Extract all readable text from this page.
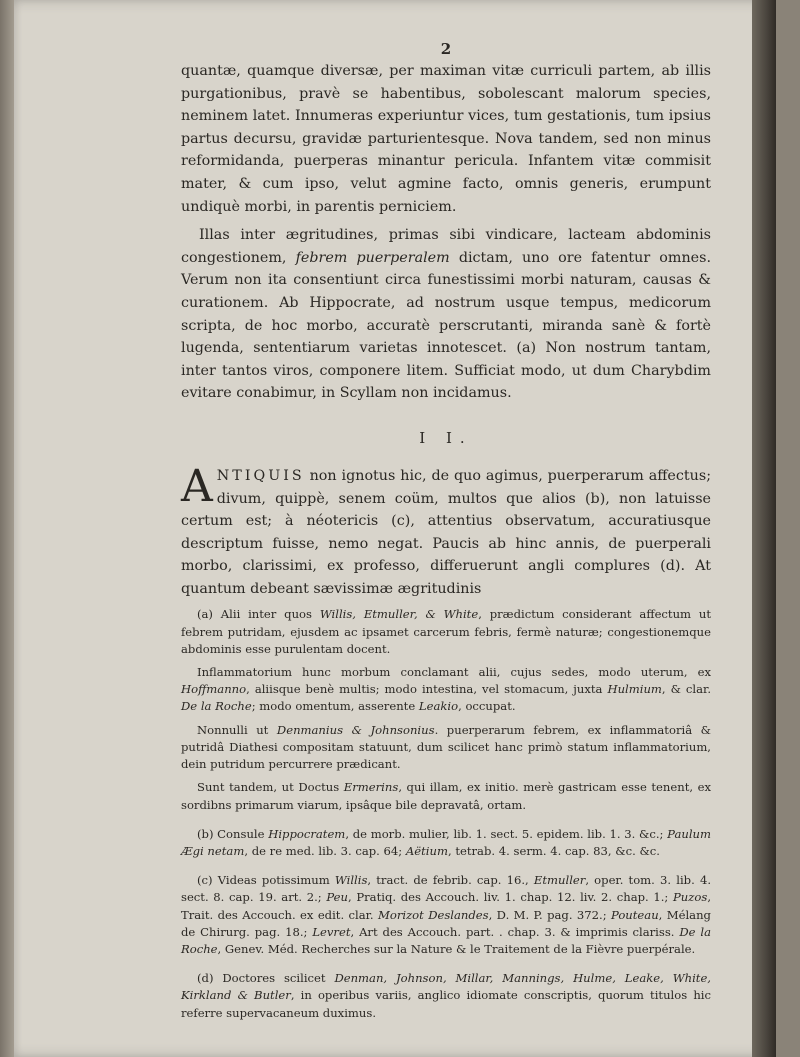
2

quantæ, quamque diversæ, per maximan vitæ curriculi partem, ab illis purgationibus, pravè se habentibus, sobolescant malorum species, neminem latet. Innumeras experiuntur vices, tum gestationis, tum ipsius partus decursu, gravidæ parturientesque. Nova tandem, sed non minus reformidanda, puerperas minantur pericula. Infantem vitæ commisit mater, & cum ipso, velut agmine facto, omnis generis, erumpunt undiquè morbi, in parentis perniciem.

Illas inter ægritudines, primas sibi vindicare, lacteam abdominis congestionem, febrem puerperalem dictam, uno ore fatentur omnes. Verum non ita consentiunt circa funestissimi morbi naturam, causas & curationem. Ab Hippocrate, ad nostrum usque tempus, medicorum scripta, de hoc morbo, accuratè perscrutanti, miranda sanè & fortè lugenda, sententiarum varietas innotescet. (a) Non nostrum tantam, inter tantos viros, componere litem. Sufficiat modo, ut dum Charybdim evitare conabimur, in Scyllam non incidamus.

I I.

ANTIQUIS non ignotus hic, de quo agimus, puerperarum affectus; divum, quippè, senem coüm, multos que alios (b), non latuisse certum est; à néotericis (c), attentius observatum, accuratiusque descriptum fuisse, nemo negat. Paucis ab hinc annis, de puerperali morbo, clarissimi, ex professo, differuerunt angli complures (d). At quantum debeant sævissimæ ægritudinis

(a) Alii inter quos Willis, Etmuller, & White, prædictum considerant affectum ut febrem putridam, ejusdem ac ipsamet carcerum febris, fermè naturæ; congestionemque abdominis esse purulentam docent.

Inflammatorium hunc morbum conclamant alii, cujus sedes, modo uterum, ex Hoffmanno, aliisque benè multis; modo intestina, vel stomacum, juxta Hulmium, & clar. De la Roche; modo omentum, asserente Leakio, occupat.

Nonnulli ut Denmanius & Johnsonius. puerperarum febrem, ex inflammatoriâ & putridâ Diathesi compositam statuunt, dum scilicet hanc primò statum inflammatorium, dein putridum percurrere prædicant.

Sunt tandem, ut Doctus Ermerins, qui illam, ex initio. merè gastricam esse tenent, ex sordibns primarum viarum, ipsâque bile depravatâ, ortam.

(b) Consule Hippocratem, de morb. mulier, lib. 1. sect. 5. epidem. lib. 1. 3. &c.; Paulum Ægi netam, de re med. lib. 3. cap. 64; Aëtium, tetrab. 4. serm. 4. cap. 83, &c. &c.

(c) Videas potissimum Willis, tract. de febrib. cap. 16., Etmuller, oper. tom. 3. lib. 4. sect. 8. cap. 19. art. 2.; Peu, Pratiq. des Accouch. liv. 1. chap. 12. liv. 2. chap. 1.; Puzos, Trait. des Accouch. ex edit. clar. Morizot Deslandes, D. M. P. pag. 372.; Pouteau, Mélang de Chirurg. pag. 18.; Levret, Art des Accouch. part. . chap. 3. & imprimis clariss. De la Roche, Genev. Méd. Recherches sur la Nature & le Traitement de la Fièvre puerpérale.

(d) Doctores scilicet Denman, Johnson, Millar, Mannings, Hulme, Leake, White, Kirkland & Butler, in operibus variis, anglico idiomate conscriptis, quorum titulos hic referre supervacaneum duximus.
